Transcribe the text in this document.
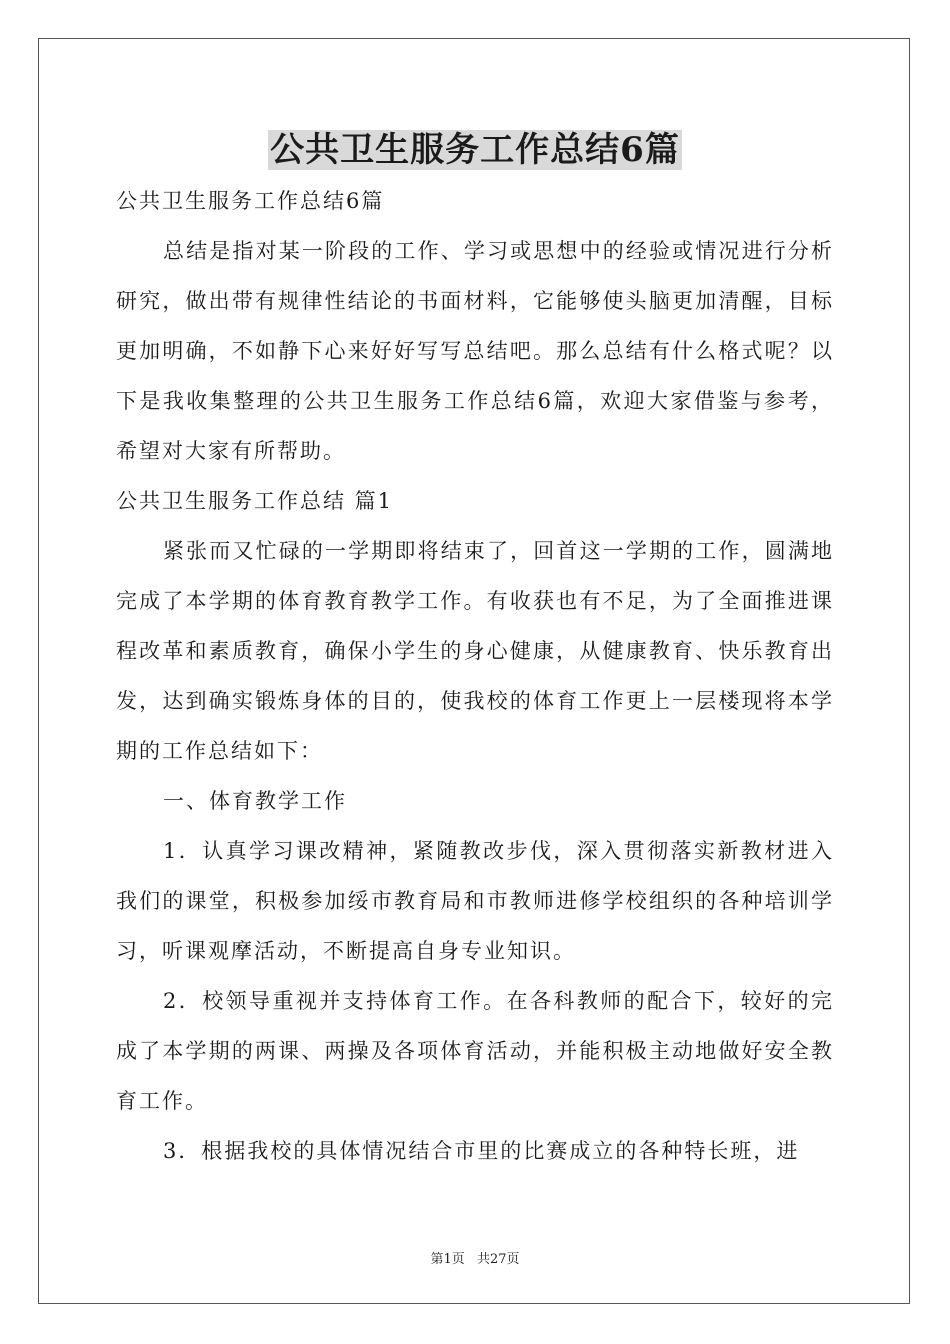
公共卫生服务工作总结6篇

公共卫生服务工作总结6篇

总结是指对某一阶段的工作、学习或思想中的经验或情况进行分析研究，做出带有规律性结论的书面材料，它能够使头脑更加清醒，目标更加明确，不如静下心来好好写写总结吧。那么总结有什么格式呢？以下是我收集整理的公共卫生服务工作总结6篇，欢迎大家借鉴与参考，希望对大家有所帮助。

公共卫生服务工作总结 篇1

紧张而又忙碌的一学期即将结束了，回首这一学期的工作，圆满地完成了本学期的体育教育教学工作。有收获也有不足，为了全面推进课程改革和素质教育，确保小学生的身心健康，从健康教育、快乐教育出发，达到确实锻炼身体的目的，使我校的体育工作更上一层楼现将本学期的工作总结如下：

一、体育教学工作

1．认真学习课改精神，紧随教改步伐，深入贯彻落实新教材进入我们的课堂，积极参加绥市教育局和市教师进修学校组织的各种培训学习，听课观摩活动，不断提高自身专业知识。

2．校领导重视并支持体育工作。在各科教师的配合下，较好的完成了本学期的两课、两操及各项体育活动，并能积极主动地做好安全教育工作。

3．根据我校的具体情况结合市里的比赛成立的各种特长班，进

第1页 共27页
